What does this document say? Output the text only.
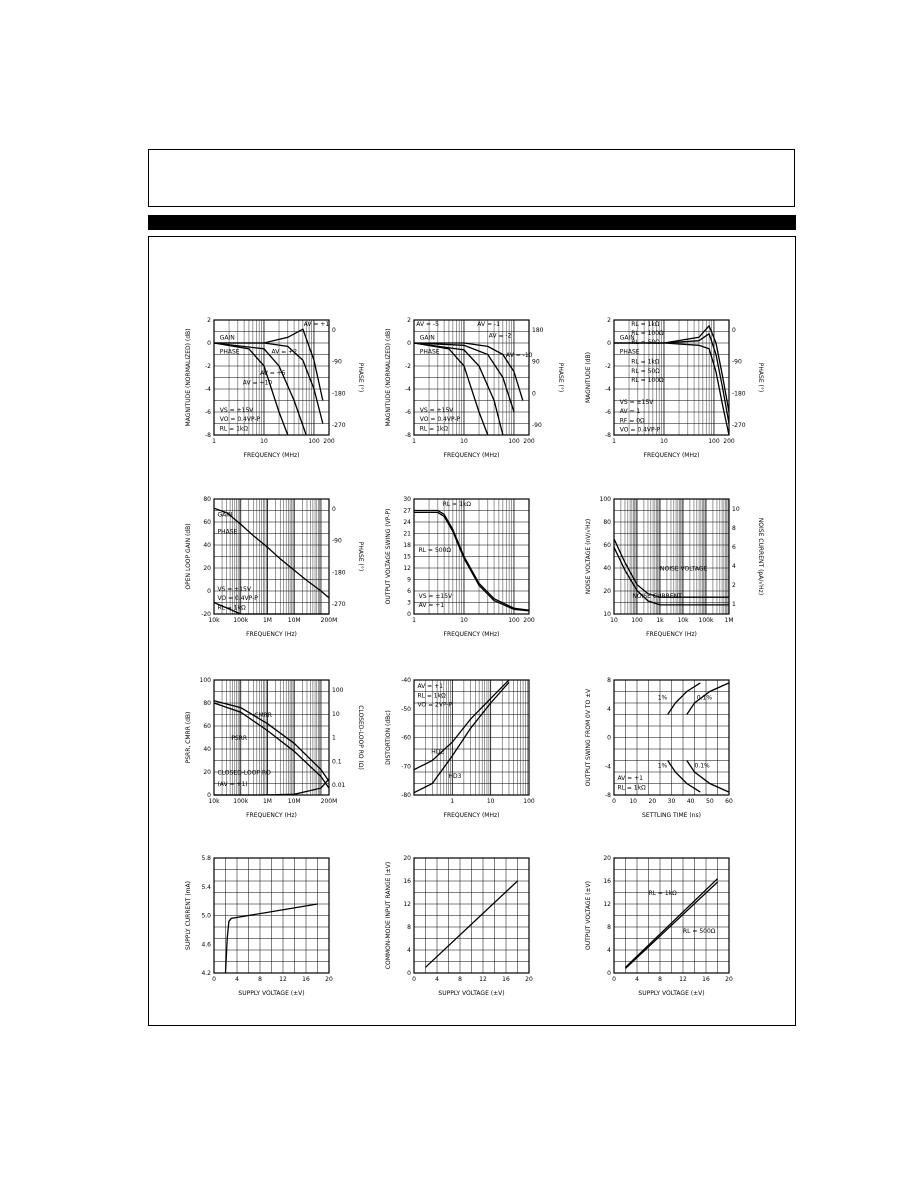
1	10	100 200
2
0
-2
-4
-6
-8
0
-90
-180
-270
FREQUENCY (MHz)
MAGNITUDE (NORMALIZED) (dB)	PHASE (°)
GAIN
PHASE
AV = +1
AV = +2
AV = +5
AV = +10
VS = ±15V
VO = 0.4VP-P
RL = 1kΩ
1	10	100 200
2
0
-2
-4
-6
-8
180
90
0
-90
FREQUENCY (MHz)
MAGNITUDE (NORMALIZED) (dB)	PHASE (°)
AV = -5	AV = -1
AV = -2
AV = -10
GAIN
PHASE
VS = ±15V
VO = 0.4VP-P
RL = 1kΩ
1	10	100 200
2
0
-2
-4
-6
-8
0
-90
-180
-270
FREQUENCY (MHz)
MAGNITUDE (dB)	PHASE (°)
GAIN
PHASE
RL = 1kΩ
RL = 100Ω
RL = 50Ω
RL = 1kΩ
RL = 50Ω
RL = 100Ω
VS = ±15V
AV = 1
RF = 0Ω
VO = 0.4VP-P
10k 100k 1M	10M	200M
80
60
40
20
0
-20
0
-90
-180
-270
FREQUENCY (Hz)
OPEN LOOP GAIN (dB)	PHASE (°)
GAIN
PHASE
VS = ±15V
VO = 0.4VP-P
RL = 1kΩ
1	10	100 200
30
27
24
21
18
15
12
9
6
3
0
FREQUENCY (MHz)
OUTPUT VOLTAGE SWING (VP-P)
RL = 1kΩ
RL = 500Ω
VS = ±15V
AV = +1
10 100 1k 10k 100k 1M
100
80
60
40
20
10
10
8
6
4
2
1
FREQUENCY (Hz)
NOISE VOLTAGE (nV/√Hz)	NOISE CURRENT (pA/√Hz)
NOISE VOLTAGE
NOISE CURRENT
10k 100k 1M	10M	200M
100
80
60
40
20
0
100
10
1
0.1
0.01
FREQUENCY (Hz)
PSRR, CMRR (dB)	CLOSED-LOOP RO (Ω)
CMRR
PSRR
CLOSED-LOOP RO
(AV = +1)
1	10	100
-40
-50
-60
-70
-80
FREQUENCY (MHz)
DISTORTION (dBc)
AV = +1
RL = 1kΩ
VO = 2VP-P
HD2
HD3
0 10 20 30 40 50 60
8
4
0
-4
-8
SETTLING TIME (ns)
OUTPUT SWING FROM 0V TO ±V	1%	0.1%
1%	0.1%
AV = +1
RL = 1kΩ
0	4	8	12	16	20
5.8
5.4
5.0
4.6
4.2
SUPPLY VOLTAGE (±V)
SUPPLY CURRENT (mA)
0	4	8	12	16	20
20
16
12
8
4
0
SUPPLY VOLTAGE (±V)
COMMON-MODE INPUT RANGE (±V)
0	4	8	12	16	20
20
16
12
8
4
0
SUPPLY VOLTAGE (±V)
OUTPUT VOLTAGE (±V)	RL = 1kΩ
RL = 500Ω
